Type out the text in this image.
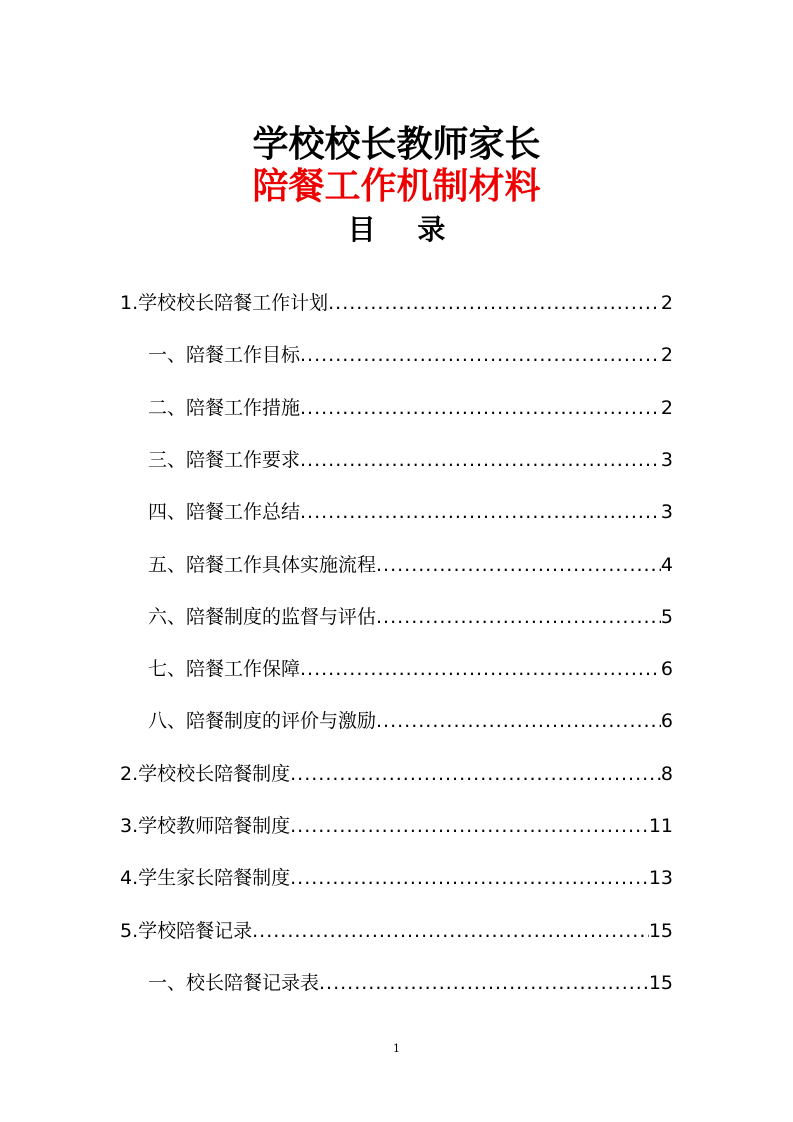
学校校长教师家长
陪餐工作机制材料
目 录
1.学校校长陪餐工作计划 .....	2
一、陪餐工作目标 .....	2
二、陪餐工作措施 .....	2
三、陪餐工作要求 .....	3
四、陪餐工作总结 .....	3
五、陪餐工作具体实施流程 .....	4
六、陪餐制度的监督与评估 .....	5
七、陪餐工作保障 .....	6
八、陪餐制度的评价与激励 .....	6
2.学校校长陪餐制度 .....	8
3.学校教师陪餐制度 .....	11
4.学生家长陪餐制度 .....	13
5.学校陪餐记录 .....	15
一、校长陪餐记录表 .....	15
1
